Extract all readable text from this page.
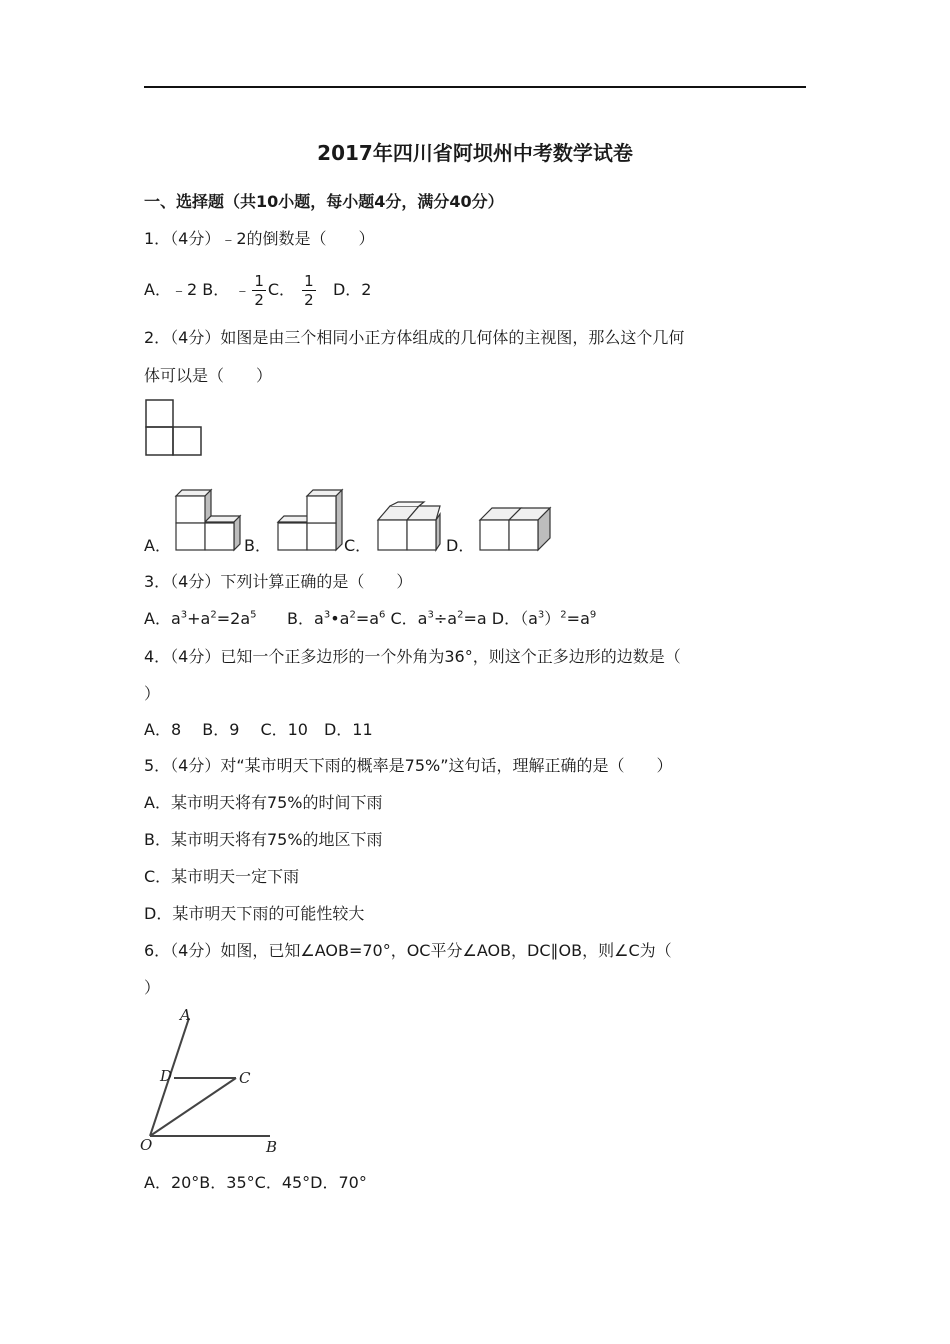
2017年四川省阿坝州中考数学试卷
一、选择题（共10小题，每小题4分，满分40分）
1．（4分）﹣2的倒数是（　　）
A．﹣2 B． ﹣ $\frac{1}{2}$ C． $\frac{1}{2}$ D．2
2．（4分）如图是由三个相同小正方体组成的几何体的主视图，那么这个几何
体可以是（　　）
A．	B．	C．	D．
3．（4分）下列计算正确的是（　　）
A．$a^3+a^2=2a^5$ B．$a^3•a^2=a^6$ C．$a^3\div a^2=a$ D．$(a^3)^2=a^9$
4．（4分）已知一个正多边形的一个外角为36°，则这个正多边形的边数是（
）
A．8　 B．9　 C．10　D．11
5．（4分）对“某市明天下雨的概率是75%”这句话，理解正确的是（　　）
A．某市明天将有75%的时间下雨
B．某市明天将有75%的地区下雨
C．某市明天一定下雨
D．某市明天下雨的可能性较大
6．（4分）如图，已知∠AOB=70°，OC平分∠AOB，DC∥OB，则∠C为（
）
A
D	C
O	B
A．20°B．35°C．45°D．70°
